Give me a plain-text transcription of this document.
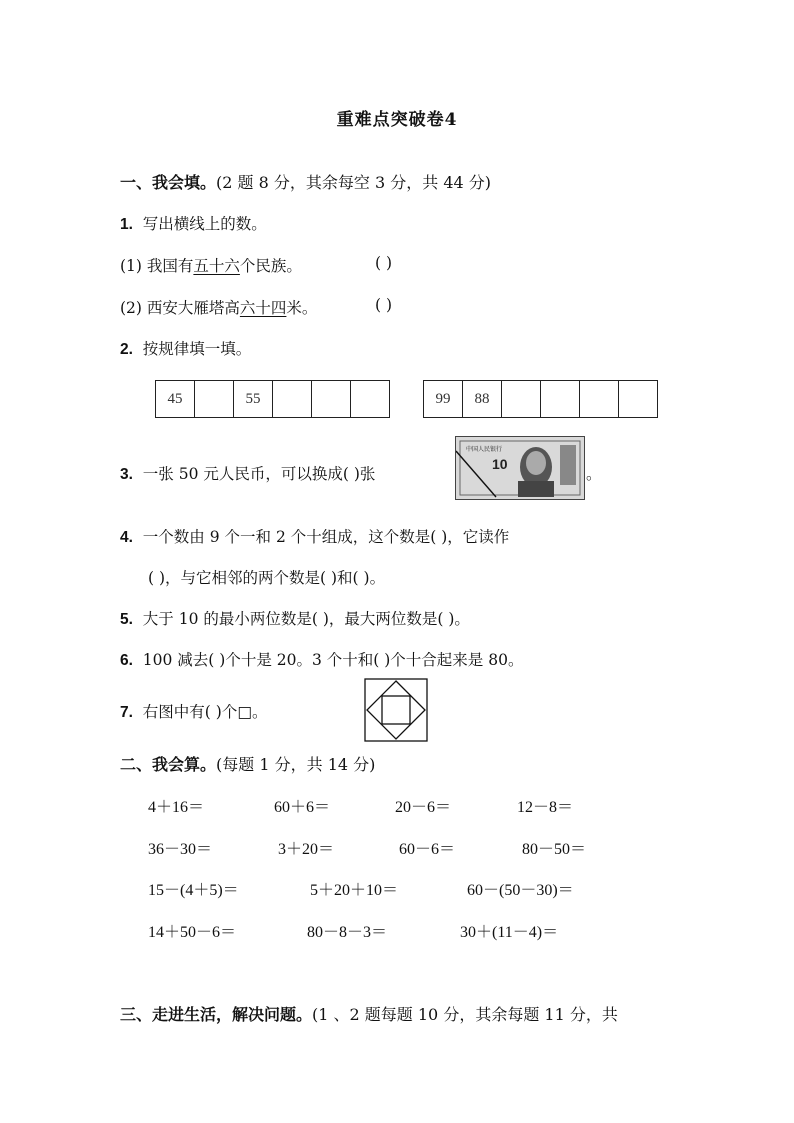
重难点突破卷4
一、我会填。(2 题 8 分，其余每空 3 分，共 44 分)
1. 写出横线上的数。
(1) 我国有五十六个民族。	( )
(2) 西安大雁塔高六十四米。	( )
2. 按规律填一填。
45	55	99	88
3. 一张 50 元人民币，可以换成( )张
中国人民银行
10
。
4. 一个数由 9 个一和 2 个十组成，这个数是( )，它读作
( )，与它相邻的两个数是( )和( )。
5. 大于 10 的最小两位数是( )，最大两位数是( )。
6. 100 减去( )个十是 20。3 个十和( )个十合起来是 80。
7. 右图中有( )个□。
二、我会算。(每题 1 分，共 14 分)
4＋16＝	60＋6＝	20－6＝	12－8＝
36－30＝	3＋20＝	60－6＝	80－50＝
15－(4＋5)＝	5＋20＋10＝	60－(50－30)＝
14＋50－6＝	80－8－3＝	30＋(11－4)＝
三、走进生活，解决问题。(1 、2 题每题 10 分，其余每题 11 分，共
